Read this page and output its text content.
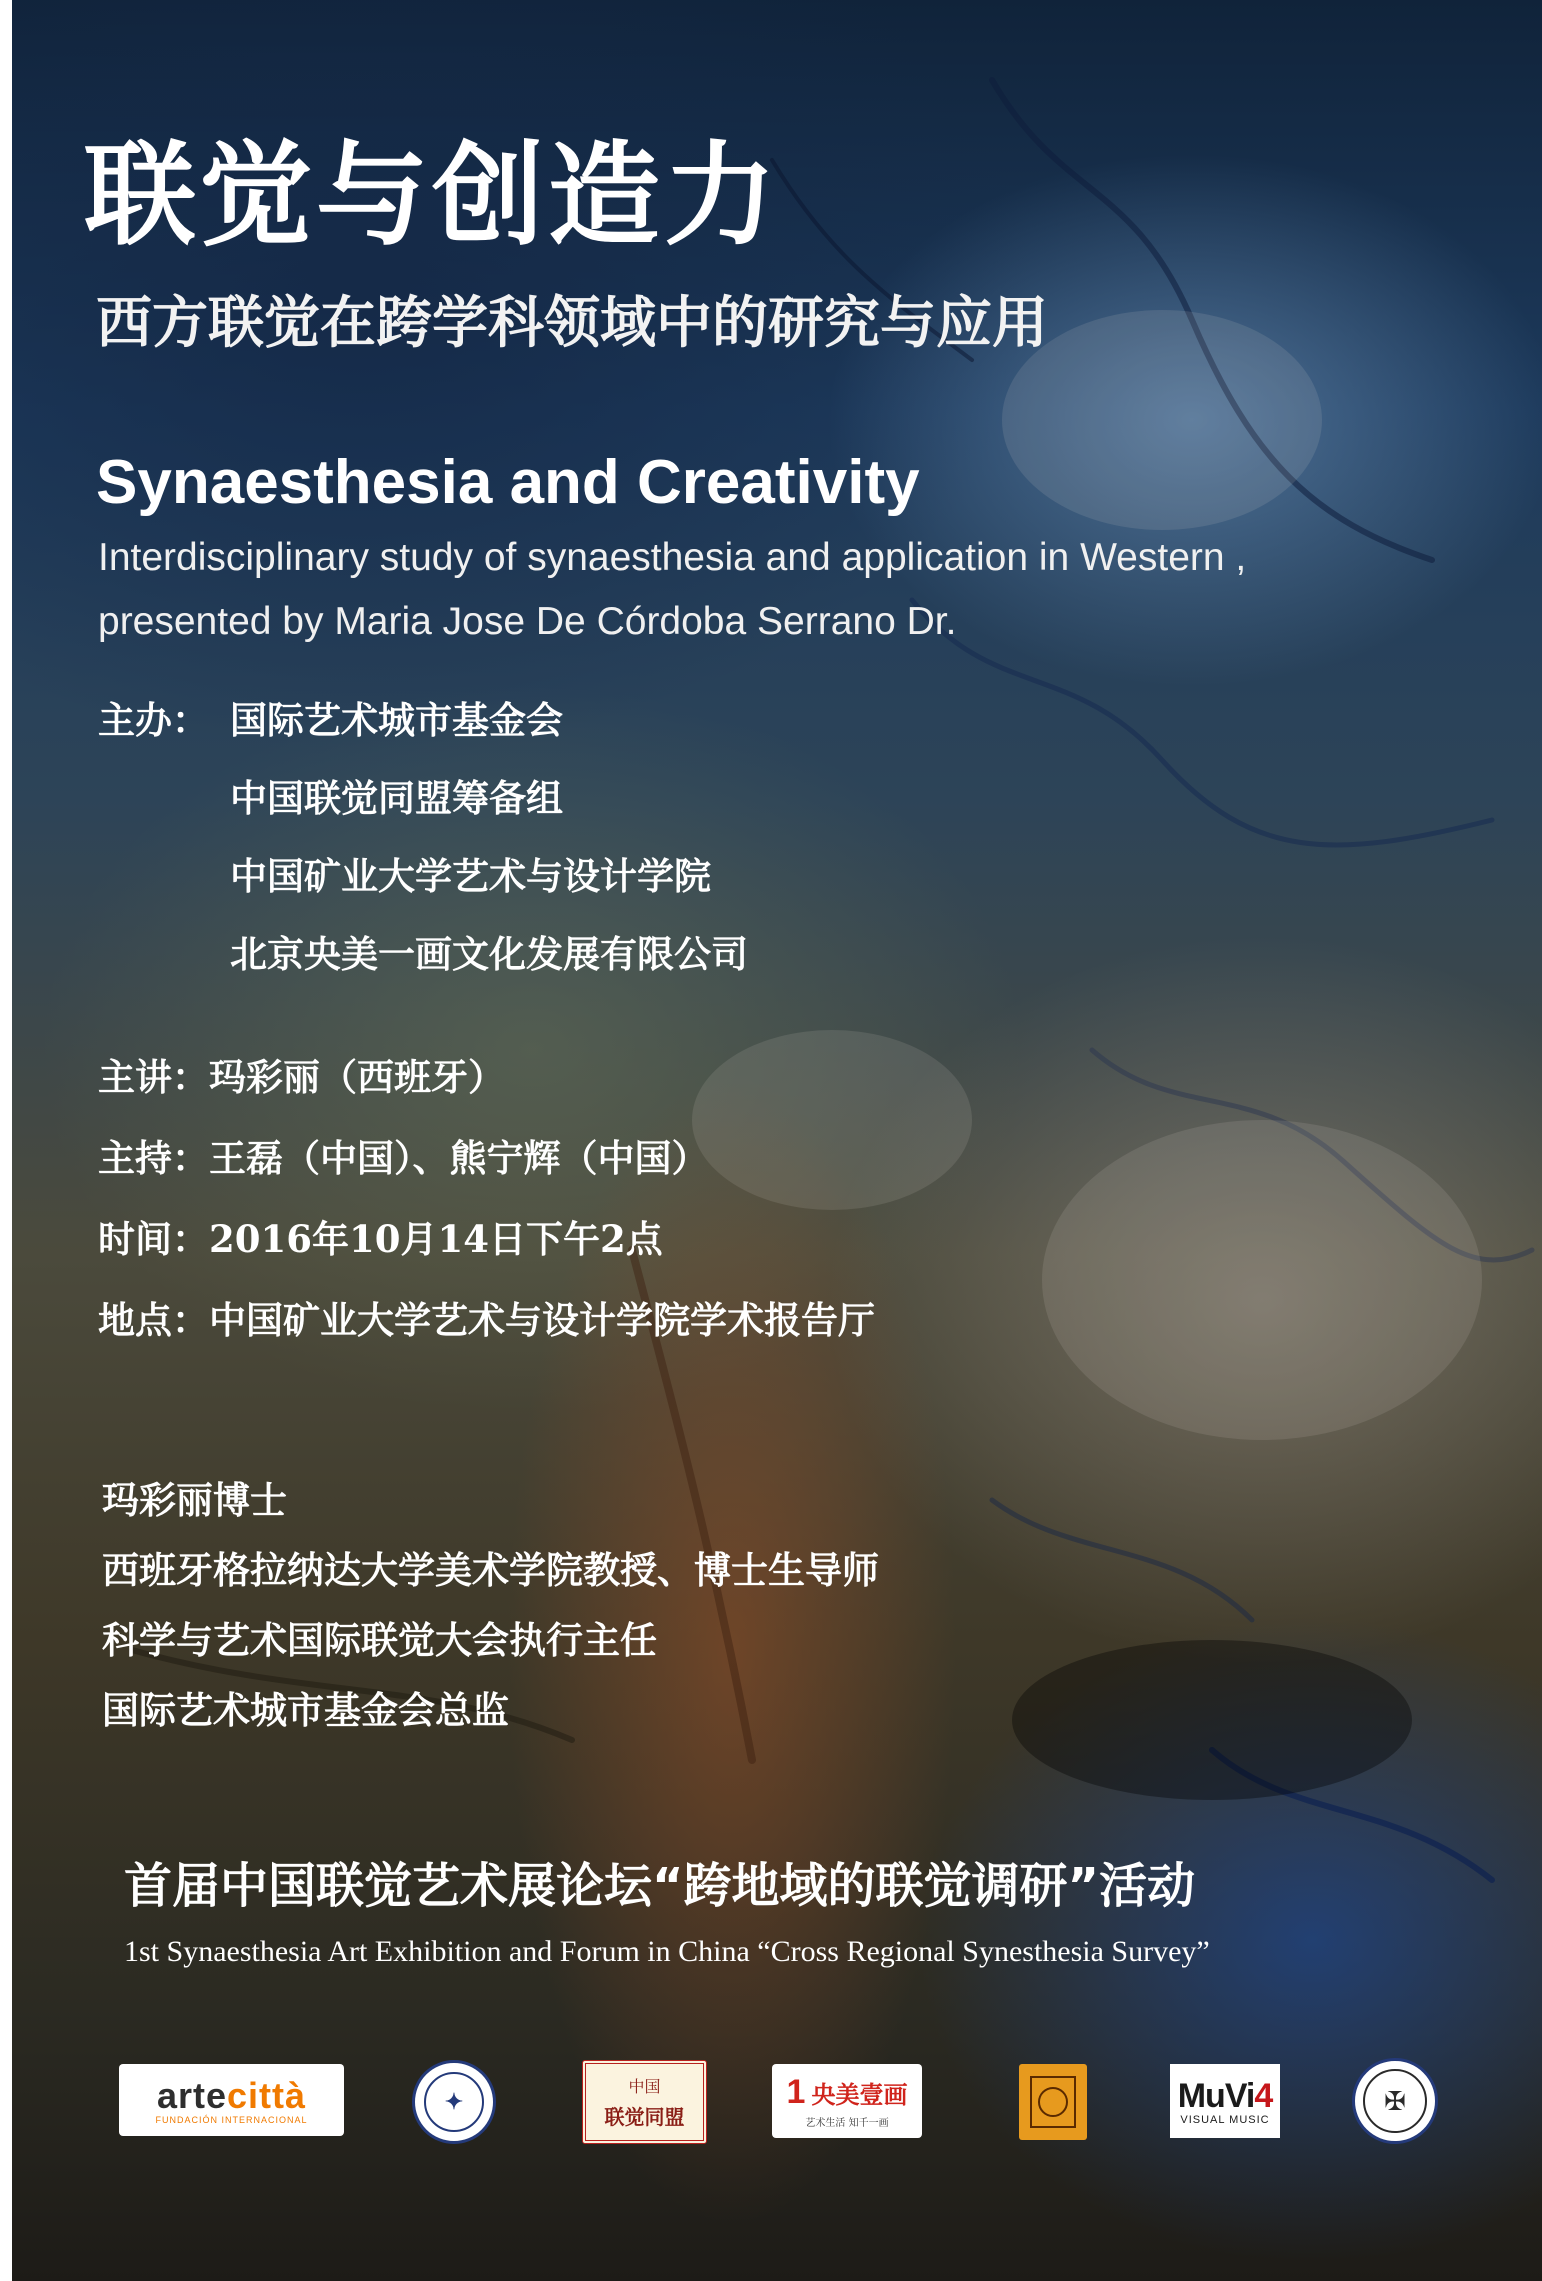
联觉与创造力
西方联觉在跨学科领域中的研究与应用
Synaesthesia and Creativity
Interdisciplinary study of synaesthesia and application in Western ,
presented by Maria Jose De Córdoba Serrano Dr.
主办： 国际艺术城市基金会
中国联觉同盟筹备组
中国矿业大学艺术与设计学院
北京央美一画文化发展有限公司
主讲：玛彩丽（西班牙）
主持：王磊（中国）、熊宁辉（中国）
时间：2016年10月14日下午2点
地点：中国矿业大学艺术与设计学院学术报告厅
玛彩丽博士
西班牙格拉纳达大学美术学院教授、博士生导师
科学与艺术国际联觉大会执行主任
国际艺术城市基金会总监
首届中国联觉艺术展论坛“跨地域的联觉调研”活动
1st Synaesthesia Art Exhibition and Forum in China “Cross Regional Synesthesia Survey”
artecittà
FUNDACIÓN INTERNACIONAL
✦
中国
联觉同盟
1 央美壹画
艺术生活 知千一画
MuVi4
VISUAL MUSIC
✠
